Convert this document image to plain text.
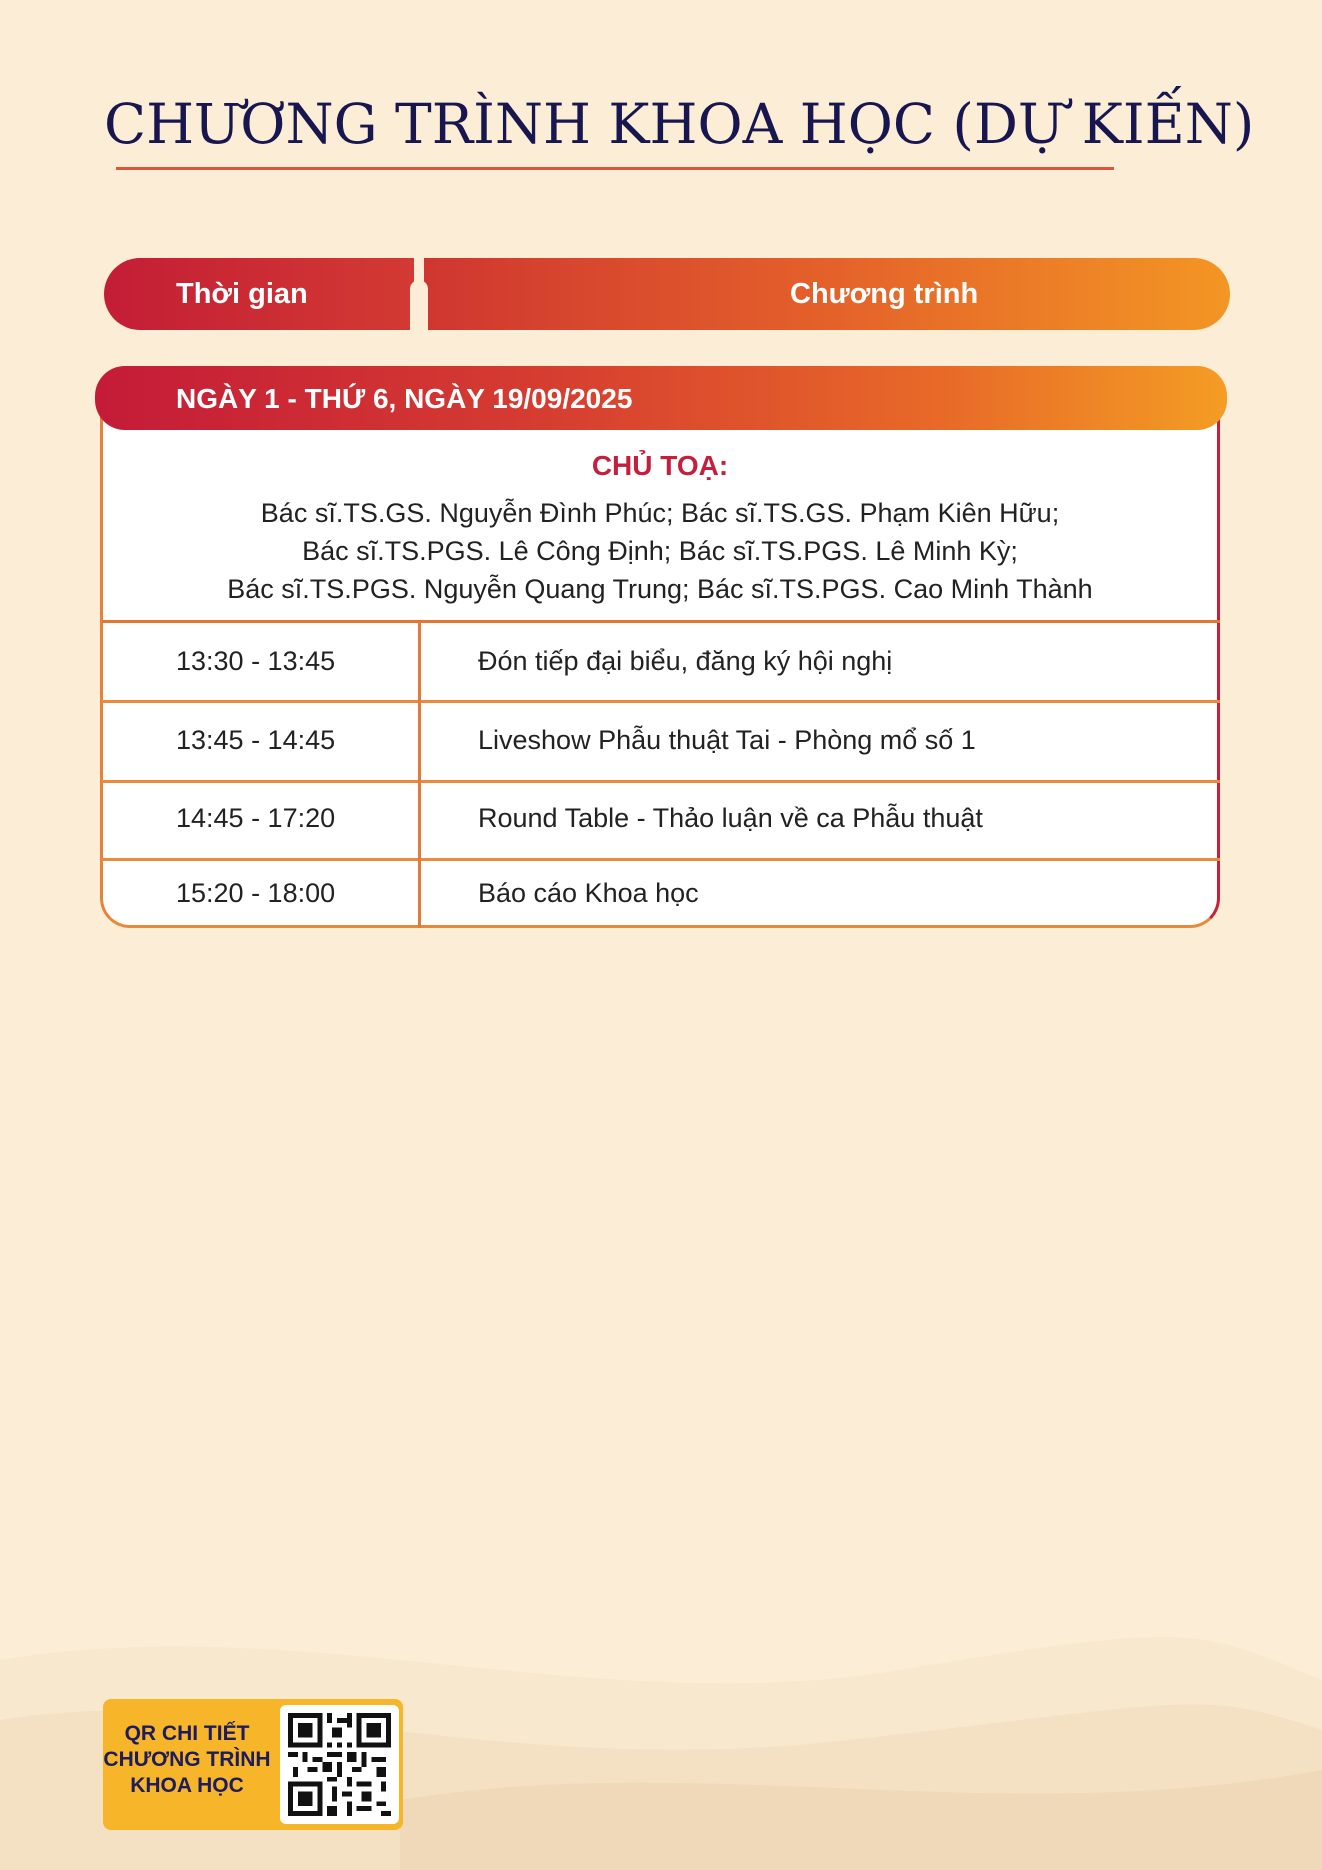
CHƯƠNG TRÌNH KHOA HỌC (DỰ KIẾN)
Thời gian	Chương trình
NGÀY 1 - THỨ 6, NGÀY 19/09/2025
CHỦ TOẠ:
Bác sĩ.TS.GS. Nguyễn Đình Phúc; Bác sĩ.TS.GS. Phạm Kiên Hữu;
Bác sĩ.TS.PGS. Lê Công Định; Bác sĩ.TS.PGS. Lê Minh Kỳ;
Bác sĩ.TS.PGS. Nguyễn Quang Trung; Bác sĩ.TS.PGS. Cao Minh Thành
13:30 - 13:45	Đón tiếp đại biểu, đăng ký hội nghị
13:45 - 14:45	Liveshow Phẫu thuật Tai - Phòng mổ số 1
14:45 - 17:20	Round Table - Thảo luận về ca Phẫu thuật
15:20 - 18:00	Báo cáo Khoa học
QR CHI TIẾT
CHƯƠNG TRÌNH
KHOA HỌC
